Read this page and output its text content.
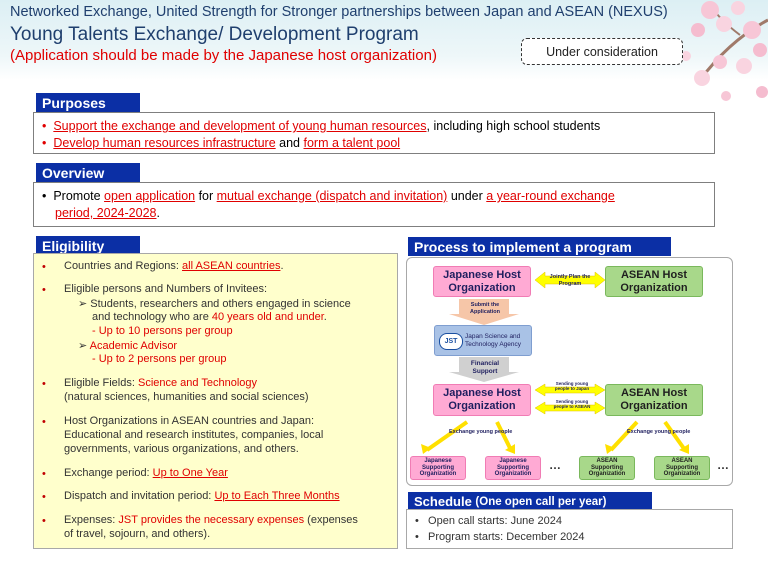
Networked Exchange, United Strength for Stronger partnerships between Japan and ASEAN (NEXUS)
Young Talents Exchange/ Development Program
(Application should be made by the Japanese host organization)	Under consideration
Purposes
• Support the exchange and development of young human resources, including high school students
• Develop human resources infrastructure and form a talent pool
Overview
•  Promote open application for mutual exchange (dispatch and invitation) under a year-round exchange
period, 2024-2028.
Eligibility
• Countries and Regions: all ASEAN countries.
• Eligible persons and Numbers of Invitees:
➢ Students, researchers and others engaged in science
and technology who are 40 years old and under.
- Up to 10 persons per group
➢ Academic Advisor
- Up to 2 persons per group
• Eligible Fields: Science and Technology
(natural sciences, humanities and social sciences)
• Host Organizations in ASEAN countries and Japan:
Educational and research institutes, companies, local
governments, various organizations, and others.
• Exchange period: Up to One Year
• Dispatch and invitation period: Up to Each Three Months
• Expenses: JST provides the necessary expenses (expenses
of travel, sojourn, and others).
Process to implement a program
Japanese Host Organization
ASEAN Host Organization
Jointly Plan the Program
Submit the Application
JST
Japan Science and
Technology Agency
Financial Support
Japanese Host Organization
ASEAN Host Organization
Sending young people to Japan
Sending young people to ASEAN
Exchange young people	Exchange young people
Japanese Supporting Organization
Japanese Supporting Organization
…	ASEAN Supporting Organization
ASEAN Supporting Organization
…
Schedule
(One open call per year)
•   Open call starts: June 2024
•   Program starts: December 2024
